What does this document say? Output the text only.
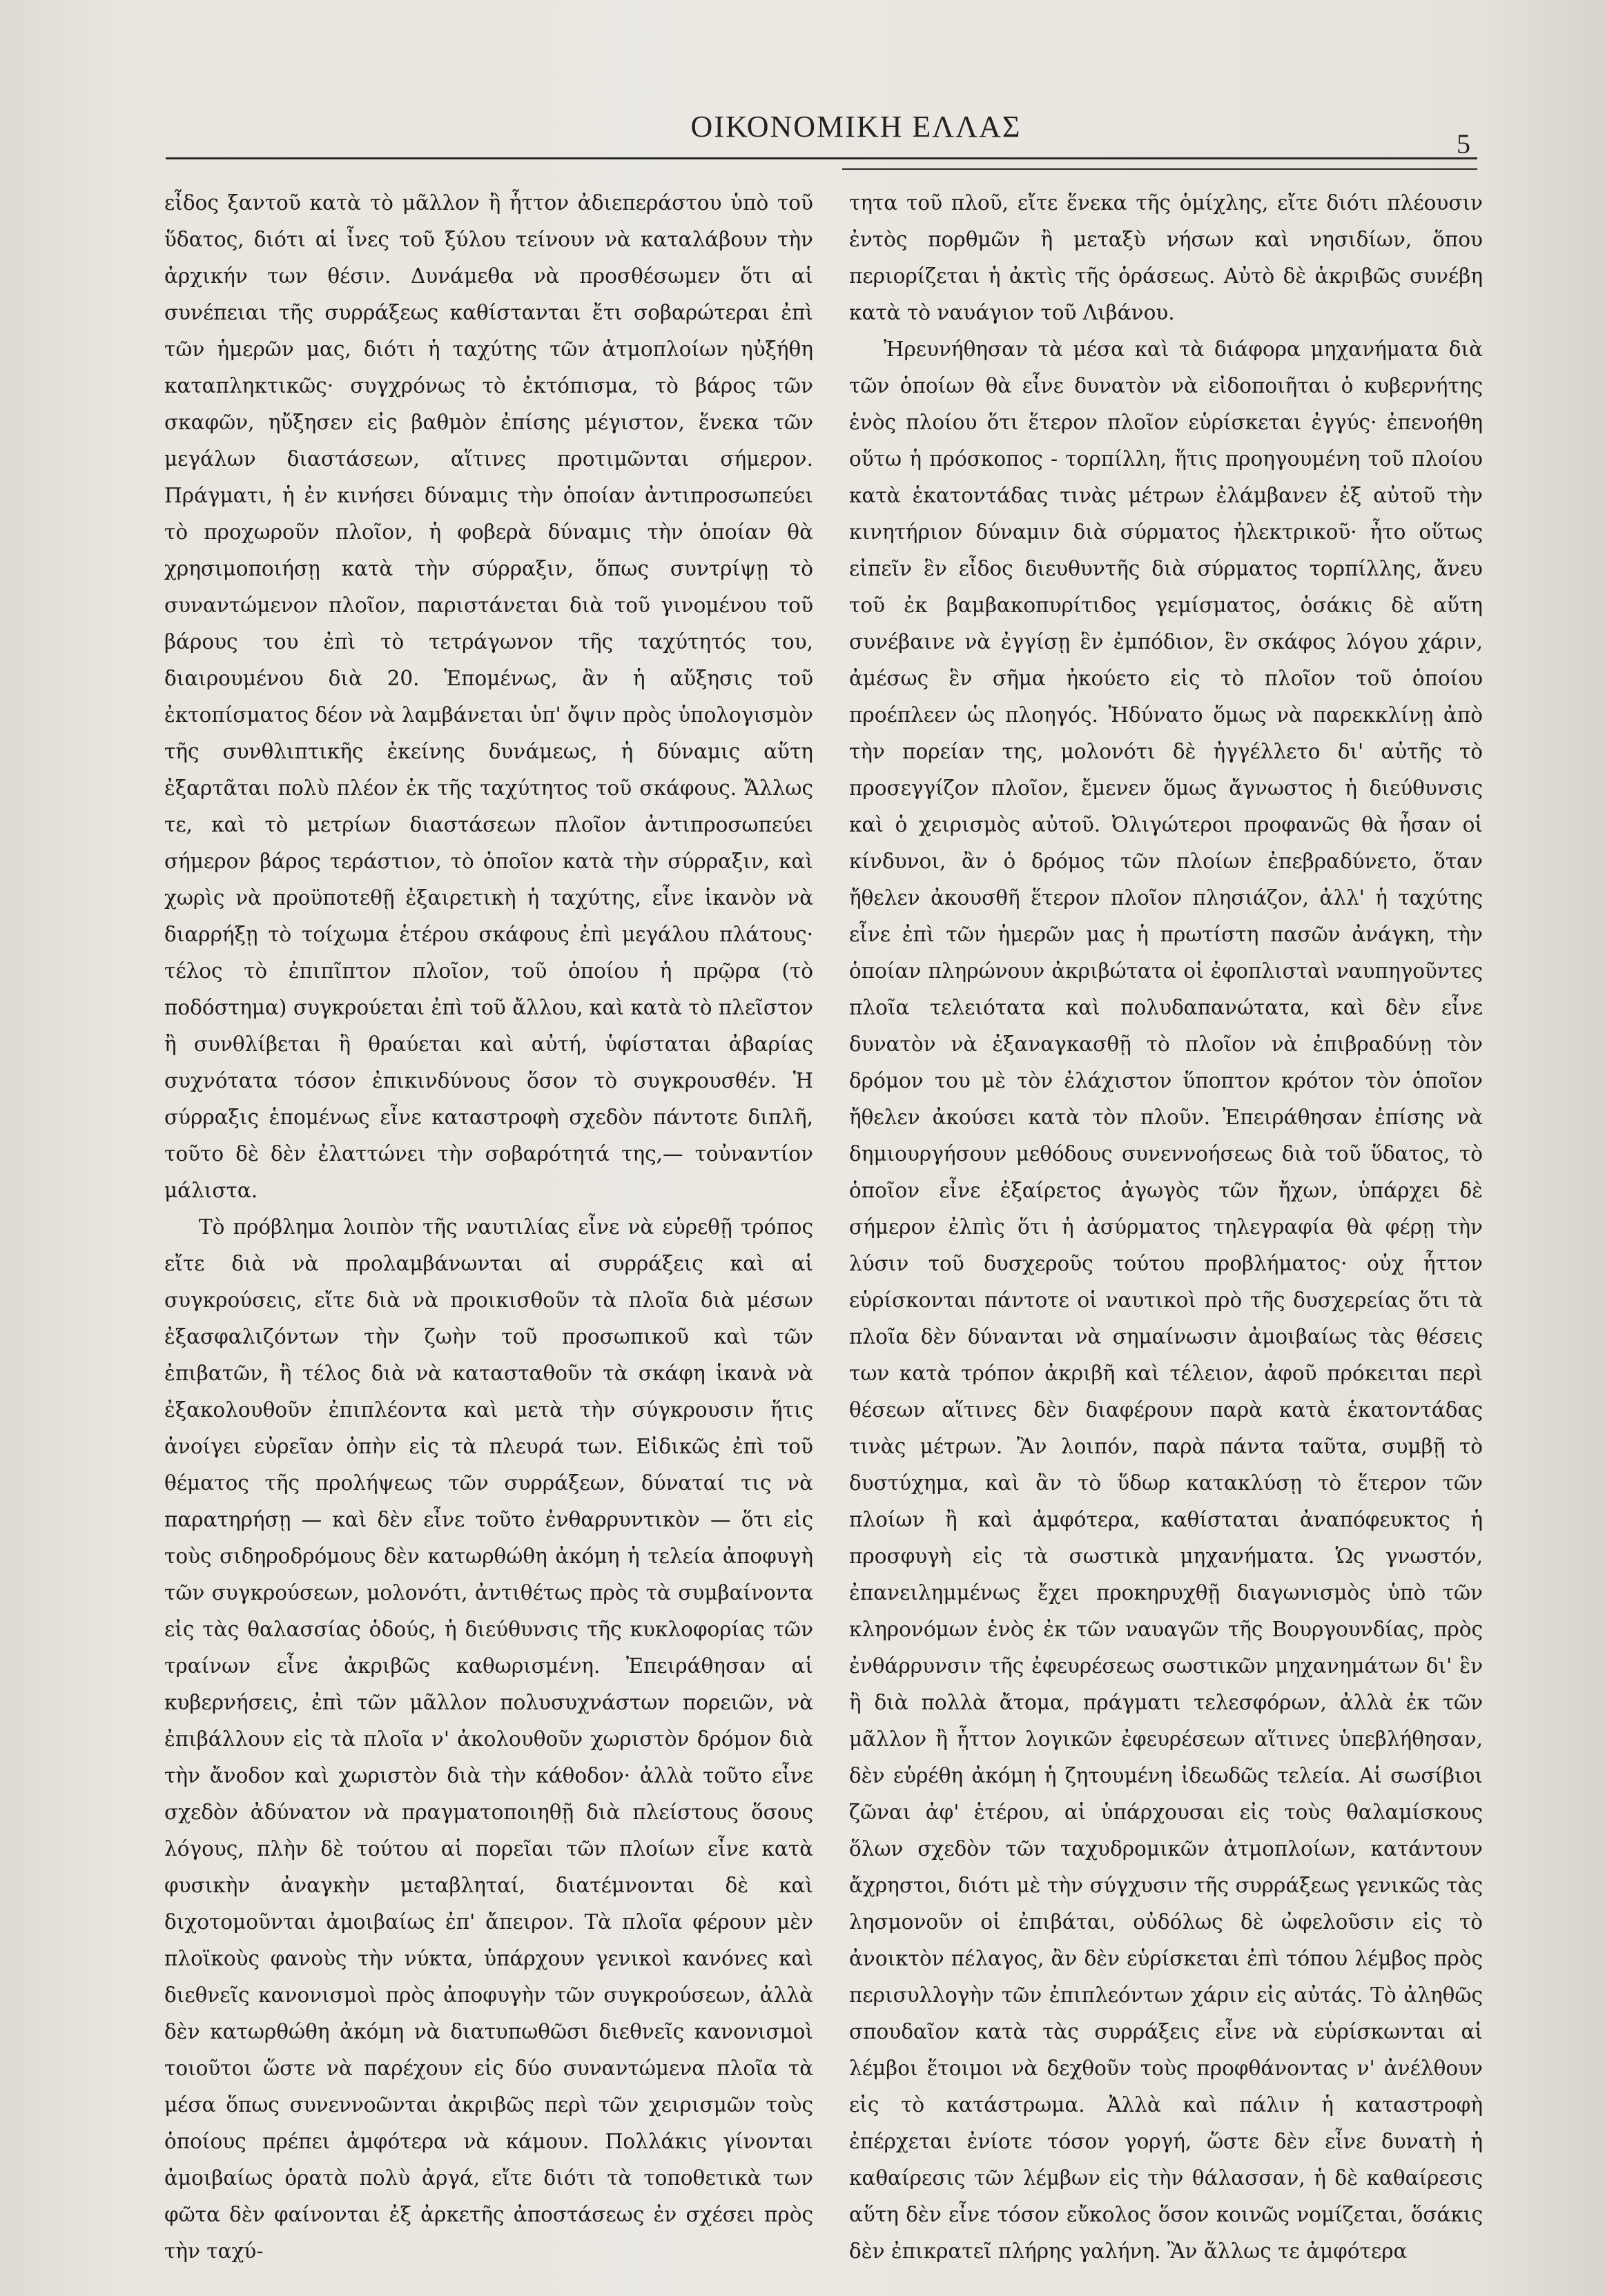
ΟΙΚΟΝΟΜΙΚΗ ΕΛΛΑΣ
5

εἶδος ξαντοῦ κατὰ τὸ μᾶλλον ἢ ἧττον ἀδιεπεράστου ὑπὸ τοῦ ὕδατος, διότι αἱ ἶνες τοῦ ξύλου τείνουν νὰ καταλάβουν τὴν ἀρχικήν των θέσιν. Δυνάμεθα νὰ προσθέσωμεν ὅτι αἱ συνέπειαι τῆς συρράξεως καθίστανται ἔτι σοβαρώτεραι ἐπὶ τῶν ἡμερῶν μας, διότι ἡ ταχύτης τῶν ἀτμοπλοίων ηὐξήθη καταπληκτικῶς· συγχρόνως τὸ ἐκτόπισμα, τὸ βάρος τῶν σκαφῶν, ηὔξησεν εἰς βαθμὸν ἐπίσης μέγιστον, ἕνεκα τῶν μεγάλων διαστάσεων, αἵτινες προτιμῶνται σήμερον. Πράγματι, ἡ ἐν κινήσει δύναμις τὴν ὁποίαν ἀντιπροσωπεύει τὸ προχωροῦν πλοῖον, ἡ φοβερὰ δύναμις τὴν ὁποίαν θὰ χρησιμοποιήσῃ κατὰ τὴν σύρραξιν, ὅπως συντρίψῃ τὸ συναντώμενον πλοῖον, παριστάνεται διὰ τοῦ γινομένου τοῦ βάρους του ἐπὶ τὸ τετράγωνον τῆς ταχύτητός του, διαιρουμένου διὰ 20. Ἑπομένως, ἂν ἡ αὔξησις τοῦ ἐκτοπίσματος δέον νὰ λαμβάνεται ὑπ' ὄψιν πρὸς ὑπολογισμὸν τῆς συνθλιπτικῆς ἐκείνης δυνάμεως, ἡ δύναμις αὕτη ἐξαρτᾶται πολὺ πλέον ἐκ τῆς ταχύτητος τοῦ σκάφους. Ἄλλως τε, καὶ τὸ μετρίων διαστάσεων πλοῖον ἀντιπροσωπεύει σήμερον βάρος τεράστιον, τὸ ὁποῖον κατὰ τὴν σύρραξιν, καὶ χωρὶς νὰ προϋποτεθῇ ἐξαιρετικὴ ἡ ταχύτης, εἶνε ἱκανὸν νὰ διαρρήξῃ τὸ τοίχωμα ἑτέρου σκάφους ἐπὶ μεγάλου πλάτους· τέλος τὸ ἐπιπῖπτον πλοῖον, τοῦ ὁποίου ἡ πρῷρα (τὸ ποδόστημα) συγκρούεται ἐπὶ τοῦ ἄλλου, καὶ κατὰ τὸ πλεῖστον ἢ συνθλίβεται ἢ θραύεται καὶ αὐτή, ὑφίσταται ἀβαρίας συχνότατα τόσον ἐπικινδύνους ὅσον τὸ συγκρουσθέν. Ἡ σύρραξις ἑπομένως εἶνε καταστροφὴ σχεδὸν πάντοτε διπλῆ, τοῦτο δὲ δὲν ἐλαττώνει τὴν σοβαρότητά της,— τοὐναντίον μάλιστα.

Τὸ πρόβλημα λοιπὸν τῆς ναυτιλίας εἶνε νὰ εὑρεθῇ τρόπος εἴτε διὰ νὰ προλαμβάνωνται αἱ συρράξεις καὶ αἱ συγκρούσεις, εἴτε διὰ νὰ προικισθοῦν τὰ πλοῖα διὰ μέσων ἐξασφαλιζόντων τὴν ζωὴν τοῦ προσωπικοῦ καὶ τῶν ἐπιβατῶν, ἢ τέλος διὰ νὰ κατασταθοῦν τὰ σκάφη ἱκανὰ νὰ ἐξακολουθοῦν ἐπιπλέοντα καὶ μετὰ τὴν σύγκρουσιν ἥτις ἀνοίγει εὐρεῖαν ὀπὴν εἰς τὰ πλευρά των. Εἰδικῶς ἐπὶ τοῦ θέματος τῆς προλήψεως τῶν συρράξεων, δύναταί τις νὰ παρατηρήσῃ — καὶ δὲν εἶνε τοῦτο ἐνθαρρυντικὸν — ὅτι εἰς τοὺς σιδηροδρόμους δὲν κατωρθώθη ἀκόμη ἡ τελεία ἀποφυγὴ τῶν συγκρούσεων, μολονότι, ἀντιθέτως πρὸς τὰ συμβαίνοντα εἰς τὰς θαλασσίας ὁδούς, ἡ διεύθυνσις τῆς κυκλοφορίας τῶν τραίνων εἶνε ἀκριβῶς καθωρισμένη. Ἐπειράθησαν αἱ κυβερνήσεις, ἐπὶ τῶν μᾶλλον πολυσυχνάστων πορειῶν, νὰ ἐπιβάλλουν εἰς τὰ πλοῖα ν' ἀκολουθοῦν χωριστὸν δρόμον διὰ τὴν ἄνοδον καὶ χωριστὸν διὰ τὴν κάθοδον· ἀλλὰ τοῦτο εἶνε σχεδὸν ἀδύνατον νὰ πραγματοποιηθῇ διὰ πλείστους ὅσους λόγους, πλὴν δὲ τούτου αἱ πορεῖαι τῶν πλοίων εἶνε κατὰ φυσικὴν ἀναγκὴν μεταβληταί, διατέμνονται δὲ καὶ διχοτομοῦνται ἀμοιβαίως ἐπ' ἄπειρον. Τὰ πλοῖα φέρουν μὲν πλοϊκοὺς φανοὺς τὴν νύκτα, ὑπάρχουν γενικοὶ κανόνες καὶ διεθνεῖς κανονισμοὶ πρὸς ἀποφυγὴν τῶν συγκρούσεων, ἀλλὰ δὲν κατωρθώθη ἀκόμη νὰ διατυπωθῶσι διεθνεῖς κανονισμοὶ τοιοῦτοι ὥστε νὰ παρέχουν εἰς δύο συναντώμενα πλοῖα τὰ μέσα ὅπως συνεννοῶνται ἀκριβῶς περὶ τῶν χειρισμῶν τοὺς ὁποίους πρέπει ἀμφότερα νὰ κάμουν. Πολλάκις γίνονται ἀμοιβαίως ὁρατὰ πολὺ ἀργά, εἴτε διότι τὰ τοποθετικὰ των φῶτα δὲν φαίνονται ἐξ ἀρκετῆς ἀποστάσεως ἐν σχέσει πρὸς τὴν ταχύ-

τητα τοῦ πλοῦ, εἴτε ἕνεκα τῆς ὁμίχλης, εἴτε διότι πλέουσιν ἐντὸς πορθμῶν ἢ μεταξὺ νήσων καὶ νησιδίων, ὅπου περιορίζεται ἡ ἀκτὶς τῆς ὁράσεως. Αὐτὸ δὲ ἀκριβῶς συνέβη κατὰ τὸ ναυάγιον τοῦ Λιβάνου.

Ἠρευνήθησαν τὰ μέσα καὶ τὰ διάφορα μηχανήματα διὰ τῶν ὁποίων θὰ εἶνε δυνατὸν νὰ εἰδοποιῆται ὁ κυβερνήτης ἑνὸς πλοίου ὅτι ἕτερον πλοῖον εὑρίσκεται ἐγγύς· ἐπενοήθη οὕτω ἡ πρόσκοπος - τορπίλλη, ἥτις προηγουμένη τοῦ πλοίου κατὰ ἑκατοντάδας τινὰς μέτρων ἐλάμβανεν ἐξ αὐτοῦ τὴν κινητήριον δύναμιν διὰ σύρματος ἠλεκτρικοῦ· ἦτο οὕτως εἰπεῖν ἓν εἶδος διευθυντῆς διὰ σύρματος τορπίλλης, ἄνευ τοῦ ἐκ βαμβακοπυρίτιδος γεμίσματος, ὁσάκις δὲ αὕτη συνέβαινε νὰ ἐγγίσῃ ἓν ἐμπόδιον, ἓν σκάφος λόγου χάριν, ἀμέσως ἓν σῆμα ἠκούετο εἰς τὸ πλοῖον τοῦ ὁποίου προέπλεεν ὡς πλοηγός. Ἠδύνατο ὅμως νὰ παρεκκλίνῃ ἀπὸ τὴν πορείαν της, μολονότι δὲ ἠγγέλλετο δι' αὐτῆς τὸ προσεγγίζον πλοῖον, ἔμενεν ὅμως ἄγνωστος ἡ διεύθυνσις καὶ ὁ χειρισμὸς αὐτοῦ. Ὀλιγώτεροι προφανῶς θὰ ἦσαν οἱ κίνδυνοι, ἂν ὁ δρόμος τῶν πλοίων ἐπεβραδύνετο, ὅταν ἤθελεν ἀκουσθῆ ἕτερον πλοῖον πλησιάζον, ἀλλ' ἡ ταχύτης εἶνε ἐπὶ τῶν ἡμερῶν μας ἡ πρωτίστη πασῶν ἀνάγκη, τὴν ὁποίαν πληρώνουν ἀκριβώτατα οἱ ἐφοπλισταὶ ναυπηγοῦντες πλοῖα τελειότατα καὶ πολυδαπανώτατα, καὶ δὲν εἶνε δυνατὸν νὰ ἐξαναγκασθῇ τὸ πλοῖον νὰ ἐπιβραδύνῃ τὸν δρόμον του μὲ τὸν ἐλάχιστον ὕποπτον κρότον τὸν ὁποῖον ἤθελεν ἀκούσει κατὰ τὸν πλοῦν. Ἐπειράθησαν ἐπίσης νὰ δημιουργήσουν μεθόδους συνεννοήσεως διὰ τοῦ ὕδατος, τὸ ὁποῖον εἶνε ἐξαίρετος ἀγωγὸς τῶν ἤχων, ὑπάρχει δὲ σήμερον ἐλπὶς ὅτι ἡ ἀσύρματος τηλεγραφία θὰ φέρῃ τὴν λύσιν τοῦ δυσχεροῦς τούτου προβλήματος· οὐχ ἧττον εὑρίσκονται πάντοτε οἱ ναυτικοὶ πρὸ τῆς δυσχερείας ὅτι τὰ πλοῖα δὲν δύνανται νὰ σημαίνωσιν ἀμοιβαίως τὰς θέσεις των κατὰ τρόπον ἀκριβῆ καὶ τέλειον, ἀφοῦ πρόκειται περὶ θέσεων αἵτινες δὲν διαφέρουν παρὰ κατὰ ἑκατοντάδας τινὰς μέτρων. Ἂν λοιπόν, παρὰ πάντα ταῦτα, συμβῇ τὸ δυστύχημα, καὶ ἂν τὸ ὕδωρ κατακλύσῃ τὸ ἕτερον τῶν πλοίων ἢ καὶ ἀμφότερα, καθίσταται ἀναπόφευκτος ἡ προσφυγὴ εἰς τὰ σωστικὰ μηχανήματα. Ὡς γνωστόν, ἐπανειλημμένως ἔχει προκηρυχθῇ διαγωνισμὸς ὑπὸ τῶν κληρονόμων ἑνὸς ἐκ τῶν ναυαγῶν τῆς Βουργουνδίας, πρὸς ἐνθάρρυνσιν τῆς ἐφευρέσεως σωστικῶν μηχανημάτων δι' ἓν ἢ διὰ πολλὰ ἄτομα, πράγματι τελεσφόρων, ἀλλὰ ἐκ τῶν μᾶλλον ἢ ἧττον λογικῶν ἐφευρέσεων αἵτινες ὑπεβλήθησαν, δὲν εὑρέθη ἀκόμη ἡ ζητουμένη ἰδεωδῶς τελεία. Αἱ σωσίβιοι ζῶναι ἀφ' ἑτέρου, αἱ ὑπάρχουσαι εἰς τοὺς θαλαμίσκους ὅλων σχεδὸν τῶν ταχυδρομικῶν ἀτμοπλοίων, κατάντουν ἄχρηστοι, διότι μὲ τὴν σύγχυσιν τῆς συρράξεως γενικῶς τὰς λησμονοῦν οἱ ἐπιβάται, οὐδόλως δὲ ὠφελοῦσιν εἰς τὸ ἀνοικτὸν πέλαγος, ἂν δὲν εὑρίσκεται ἐπὶ τόπου λέμβος πρὸς περισυλλογὴν τῶν ἐπιπλεόντων χάριν εἰς αὐτάς. Τὸ ἀληθῶς σπουδαῖον κατὰ τὰς συρράξεις εἶνε νὰ εὑρίσκωνται αἱ λέμβοι ἕτοιμοι νὰ δεχθοῦν τοὺς προφθάνοντας ν' ἀνέλθουν εἰς τὸ κατάστρωμα. Ἀλλὰ καὶ πάλιν ἡ καταστροφὴ ἐπέρχεται ἐνίοτε τόσον γοργή, ὥστε δὲν εἶνε δυνατὴ ἡ καθαίρεσις τῶν λέμβων εἰς τὴν θάλασσαν, ἡ δὲ καθαίρεσις αὕτη δὲν εἶνε τόσον εὔκολος ὅσον κοινῶς νομίζεται, ὅσάκις δὲν ἐπικρατεῖ πλήρης γαλήνη. Ἂν ἄλλως τε ἀμφότερα
